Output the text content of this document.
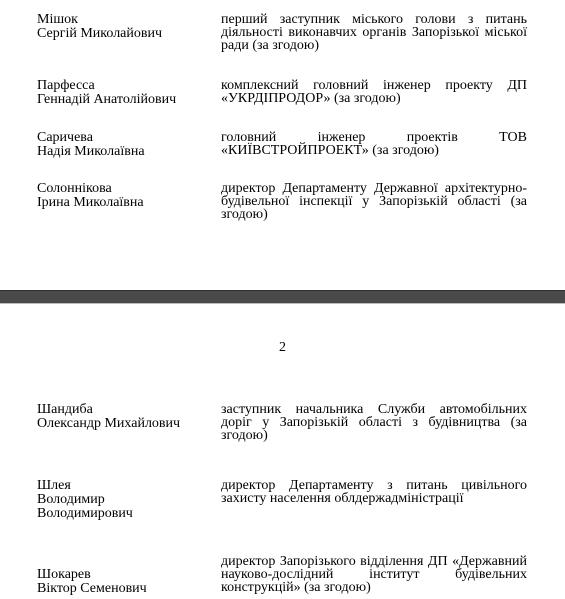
Мішок
Сергій Миколайович
перший заступник міського голови з питань діяльності виконавчих органів Запорізької міської ради (за згодою)
Парфесса
Геннадій Анатолійович
комплексний головний інженер проекту ДП «УКРДІПРОДОР» (за згодою)
Саричева
Надія Миколаївна
головний інженер проектів ТОВ «КИЇВСТРОЙПРОЕКТ» (за згодою)
Солоннікова
Ірина Миколаївна
директор Департаменту Державної архітектурно-будівельної інспекції у Запорізькій області (за згодою)
2
Шандиба
Олександр Михайлович
заступник начальника Служби автомобільних доріг у Запорізькій області з будівництва (за згодою)
Шлея
Володимир
Володимирович
директор Департаменту з питань цивільного захисту населення облдержадміністрації
Шокарев
Віктор Семенович
директор Запорізького відділення ДП «Державний науково-дослідний інститут будівельних конструкцій» (за згодою)
